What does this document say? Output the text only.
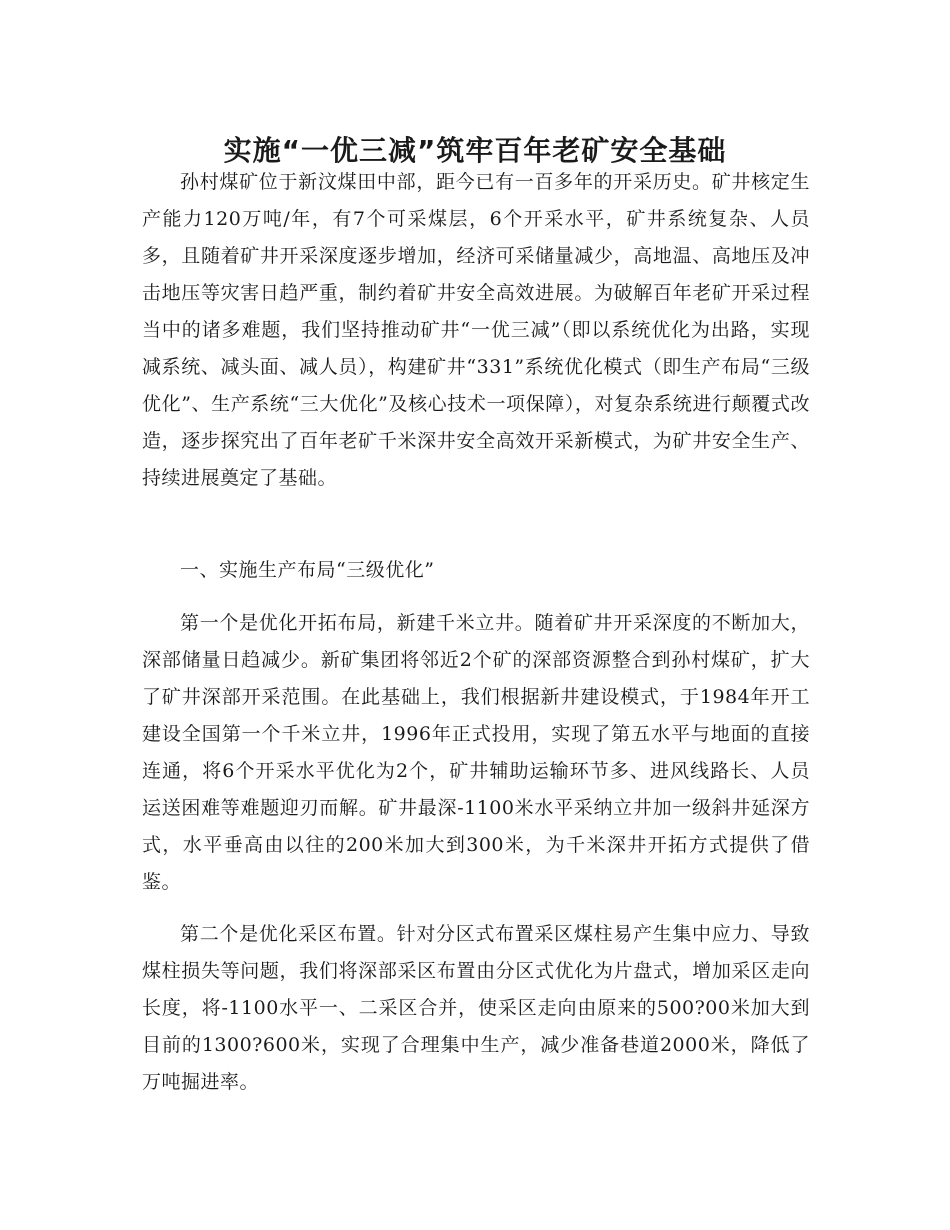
实施“一优三减”筑牢百年老矿安全基础

孙村煤矿位于新汶煤田中部，距今已有一百多年的开采历史。矿井核定生产能力120万吨/年，有7个可采煤层，6个开采水平，矿井系统复杂、人员多，且随着矿井开采深度逐步增加，经济可采储量减少，高地温、高地压及冲击地压等灾害日趋严重，制约着矿井安全高效进展。为破解百年老矿开采过程当中的诸多难题，我们坚持推动矿井“一优三减”（即以系统优化为出路，实现减系统、减头面、减人员），构建矿井“331”系统优化模式（即生产布局“三级优化”、生产系统“三大优化”及核心技术一项保障），对复杂系统进行颠覆式改造，逐步探究出了百年老矿千米深井安全高效开采新模式，为矿井安全生产、持续进展奠定了基础。

一、实施生产布局“三级优化”

第一个是优化开拓布局，新建千米立井。随着矿井开采深度的不断加大，深部储量日趋减少。新矿集团将邻近2个矿的深部资源整合到孙村煤矿，扩大了矿井深部开采范围。在此基础上，我们根据新井建设模式，于1984年开工建设全国第一个千米立井，1996年正式投用，实现了第五水平与地面的直接连通，将6个开采水平优化为2个，矿井辅助运输环节多、进风线路长、人员运送困难等难题迎刃而解。矿井最深-1100米水平采纳立井加一级斜井延深方式，水平垂高由以往的200米加大到300米，为千米深井开拓方式提供了借鉴。

第二个是优化采区布置。针对分区式布置采区煤柱易产生集中应力、导致煤柱损失等问题，我们将深部采区布置由分区式优化为片盘式，增加采区走向长度，将-1100水平一、二采区合并，使采区走向由原来的500?00米加大到目前的1300?600米，实现了合理集中生产，减少准备巷道2000米，降低了万吨掘进率。
